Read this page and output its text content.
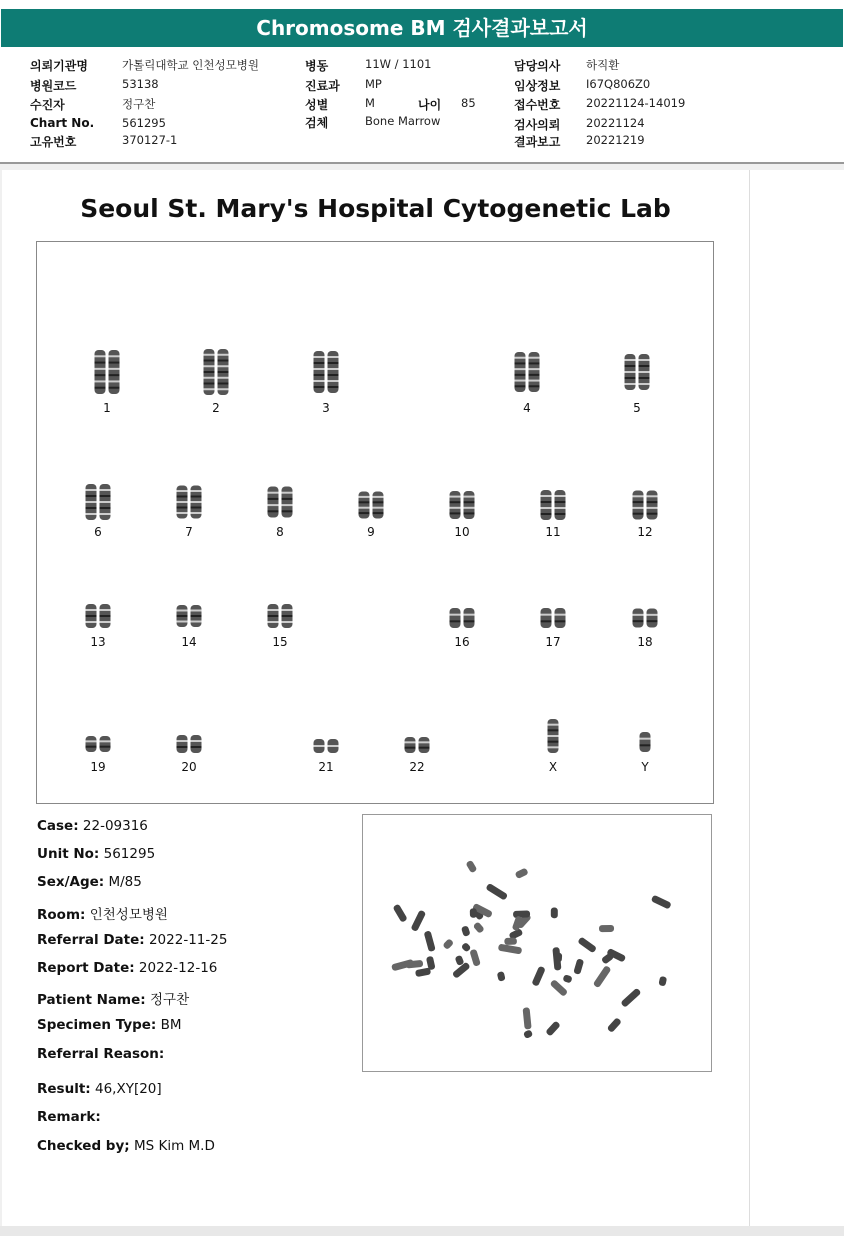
Chromosome BM 검사결과보고서
의뢰기관명	가톨릭대학교 인천성모병원
병원코드	53138
수진자	정구찬
Chart No. 561295
고유번호	370127-1
병동	11W / 1101
진료과 MP
성별	M	나이 85
검체	Bone Marrow
담당의사 하직환
임상정보 I67Q806Z0
접수번호 20221124-14019
검사의뢰 20221124
결과보고 20221219
Seoul St. Mary's Hospital Cytogenetic Lab
1	2	3	4	5
6	7	8	9	10	11	12
13	14	15	16	17	18
19	20	21	22	X	Y
Case: 22-09316
Unit No: 561295
Sex/Age: M/85
Room: 인천성모병원
Referral Date: 2022-11-25
Report Date: 2022-12-16
Patient Name: 정구찬
Specimen Type: BM
Referral Reason:
Result: 46,XY[20]
Remark:
Checked by; MS Kim M.D
